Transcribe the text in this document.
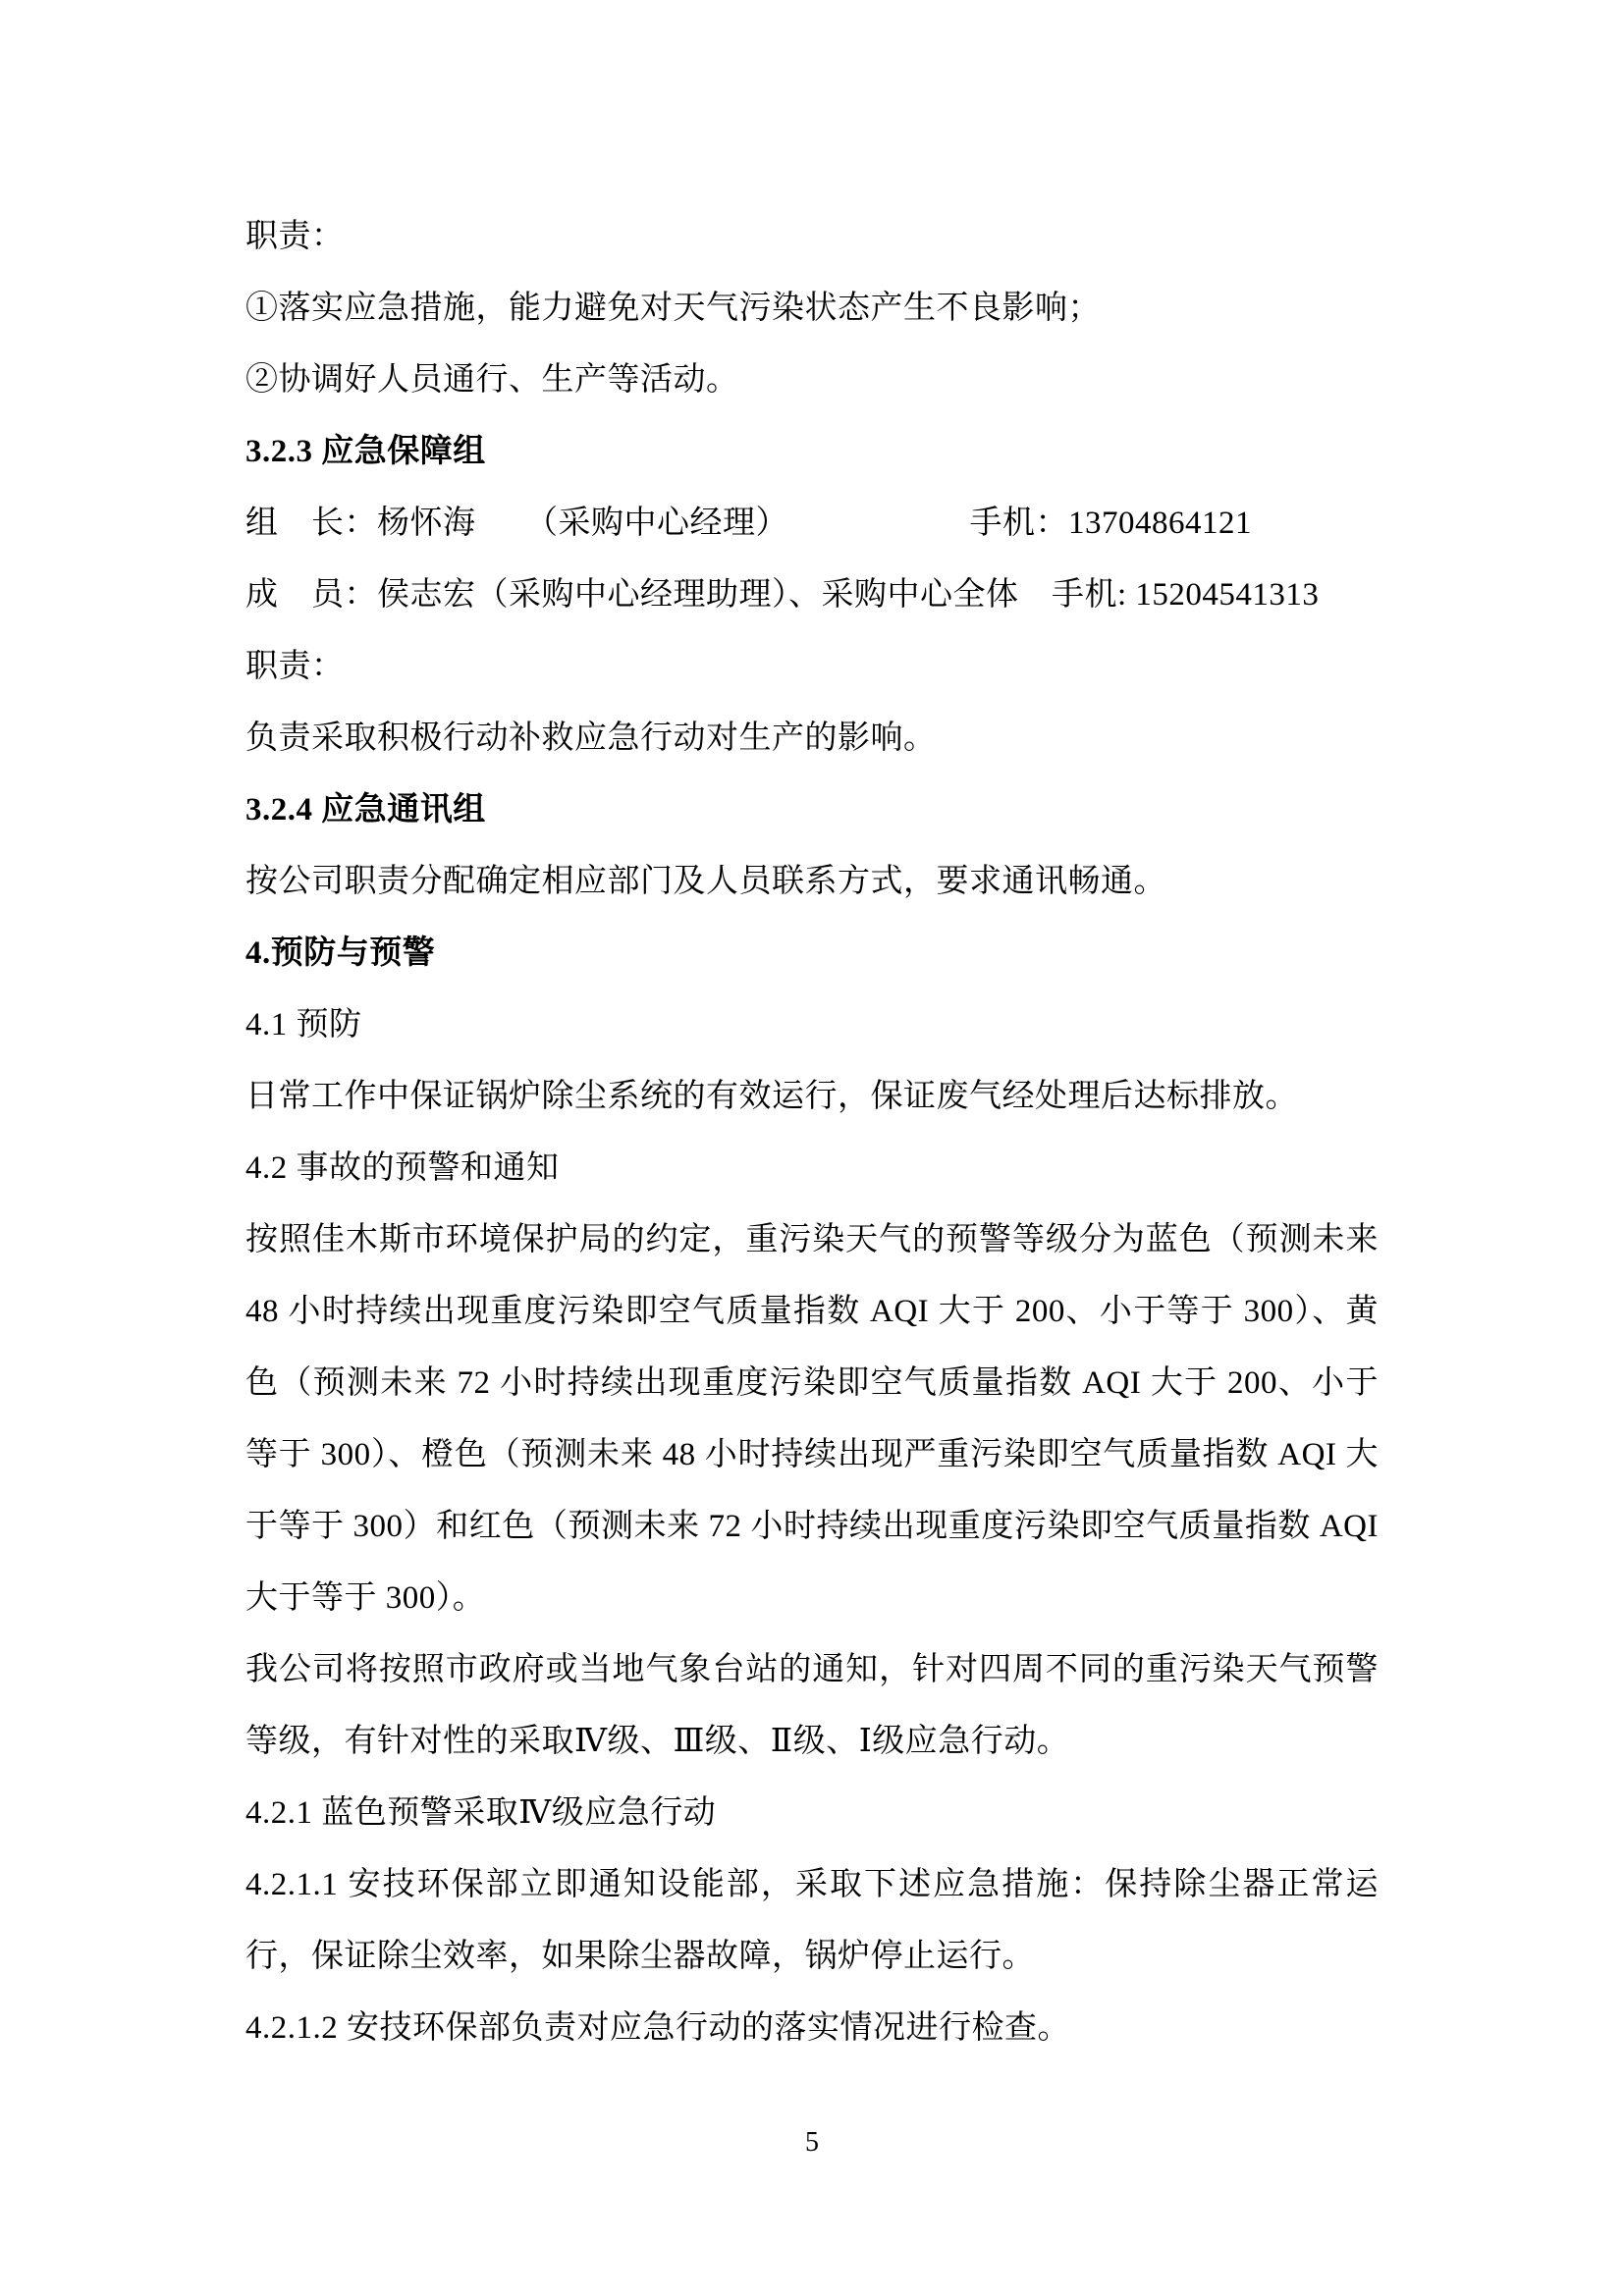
职责：

①落实应急措施，能力避免对天气污染状态产生不良影响；

②协调好人员通行、生产等活动。

3.2.3 应急保障组

组　长：杨怀海　　（采购中心经理）　　　　　　手机：13704864121

成　员：侯志宏（采购中心经理助理）、采购中心全体　手机: 15204541313

职责：

负责采取积极行动补救应急行动对生产的影响。

3.2.4 应急通讯组

按公司职责分配确定相应部门及人员联系方式，要求通讯畅通。

4.预防与预警

4.1 预防

日常工作中保证锅炉除尘系统的有效运行，保证废气经处理后达标排放。

4.2 事故的预警和通知

按照佳木斯市环境保护局的约定，重污染天气的预警等级分为蓝色（预测未来 48 小时持续出现重度污染即空气质量指数 AQI 大于 200、小于等于 300）、黄色（预测未来 72 小时持续出现重度污染即空气质量指数 AQI 大于 200、小于等于 300）、橙色（预测未来 48 小时持续出现严重污染即空气质量指数 AQI 大于等于 300）和红色（预测未来 72 小时持续出现重度污染即空气质量指数 AQI 大于等于 300）。

我公司将按照市政府或当地气象台站的通知，针对四周不同的重污染天气预警等级，有针对性的采取Ⅳ级、Ⅲ级、Ⅱ级、Ⅰ级应急行动。

4.2.1 蓝色预警采取Ⅳ级应急行动

4.2.1.1 安技环保部立即通知设能部，采取下述应急措施：保持除尘器正常运行，保证除尘效率，如果除尘器故障，锅炉停止运行。

4.2.1.2 安技环保部负责对应急行动的落实情况进行检查。

5
